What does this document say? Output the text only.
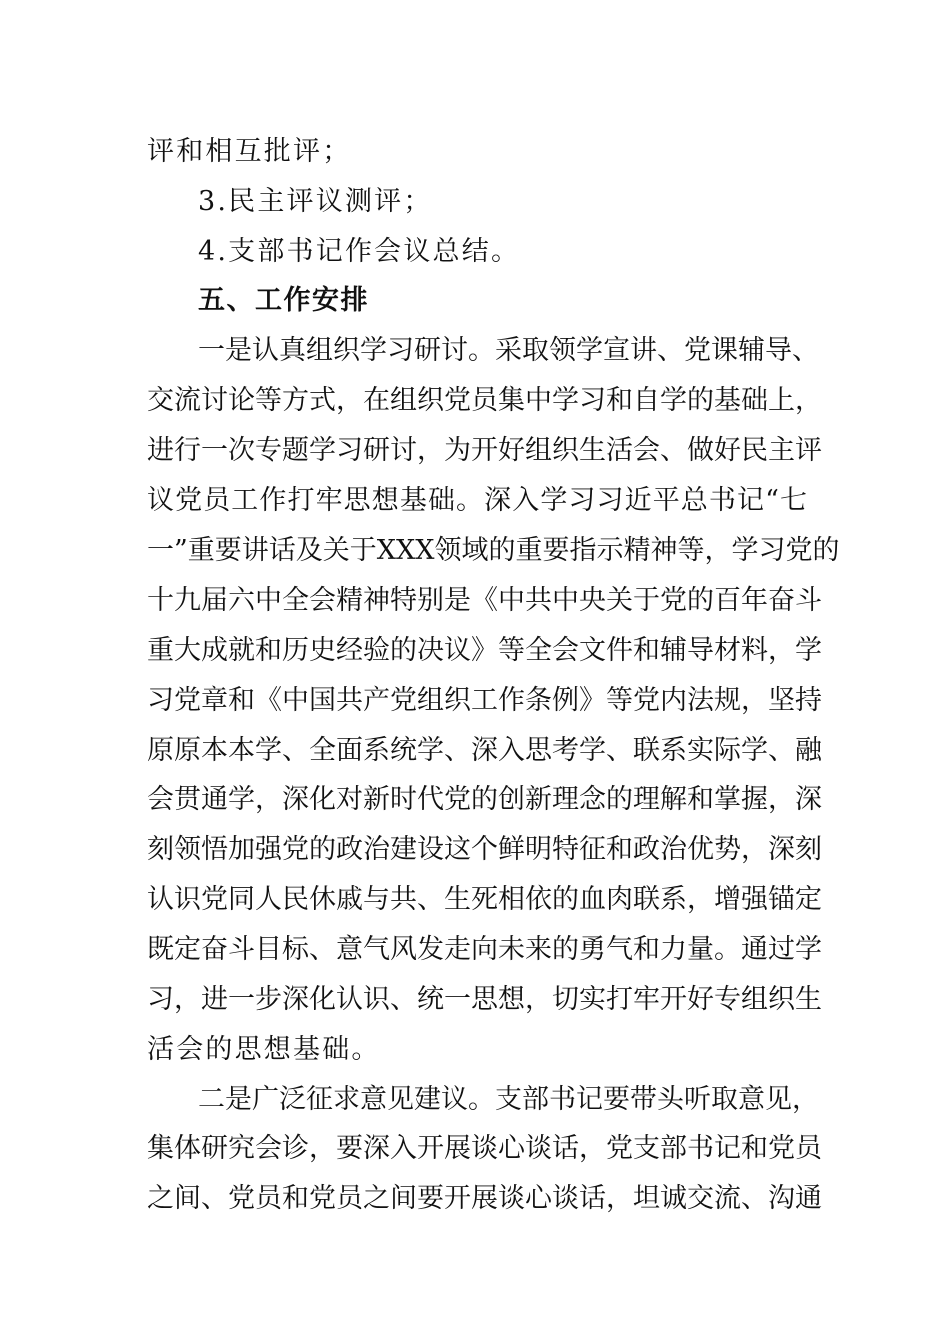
评和相互批评；
3.民主评议测评；
4.支部书记作会议总结。
五、工作安排
一是认真组织学习研讨。采取领学宣讲、党课辅导、
交流讨论等方式，在组织党员集中学习和自学的基础上，
进行一次专题学习研讨，为开好组织生活会、做好民主评
议党员工作打牢思想基础。深入学习习近平总书记“七
一”重要讲话及关于XXX领域的重要指示精神等，学习党的
十九届六中全会精神特别是《中共中央关于党的百年奋斗
重大成就和历史经验的决议》等全会文件和辅导材料，学
习党章和《中国共产党组织工作条例》等党内法规，坚持
原原本本学、全面系统学、深入思考学、联系实际学、融
会贯通学，深化对新时代党的创新理念的理解和掌握，深
刻领悟加强党的政治建设这个鲜明特征和政治优势，深刻
认识党同人民休戚与共、生死相依的血肉联系，增强锚定
既定奋斗目标、意气风发走向未来的勇气和力量。通过学
习，进一步深化认识、统一思想，切实打牢开好专组织生
活会的思想基础。
二是广泛征求意见建议。支部书记要带头听取意见，
集体研究会诊，要深入开展谈心谈话，党支部书记和党员
之间、党员和党员之间要开展谈心谈话，坦诚交流、沟通
